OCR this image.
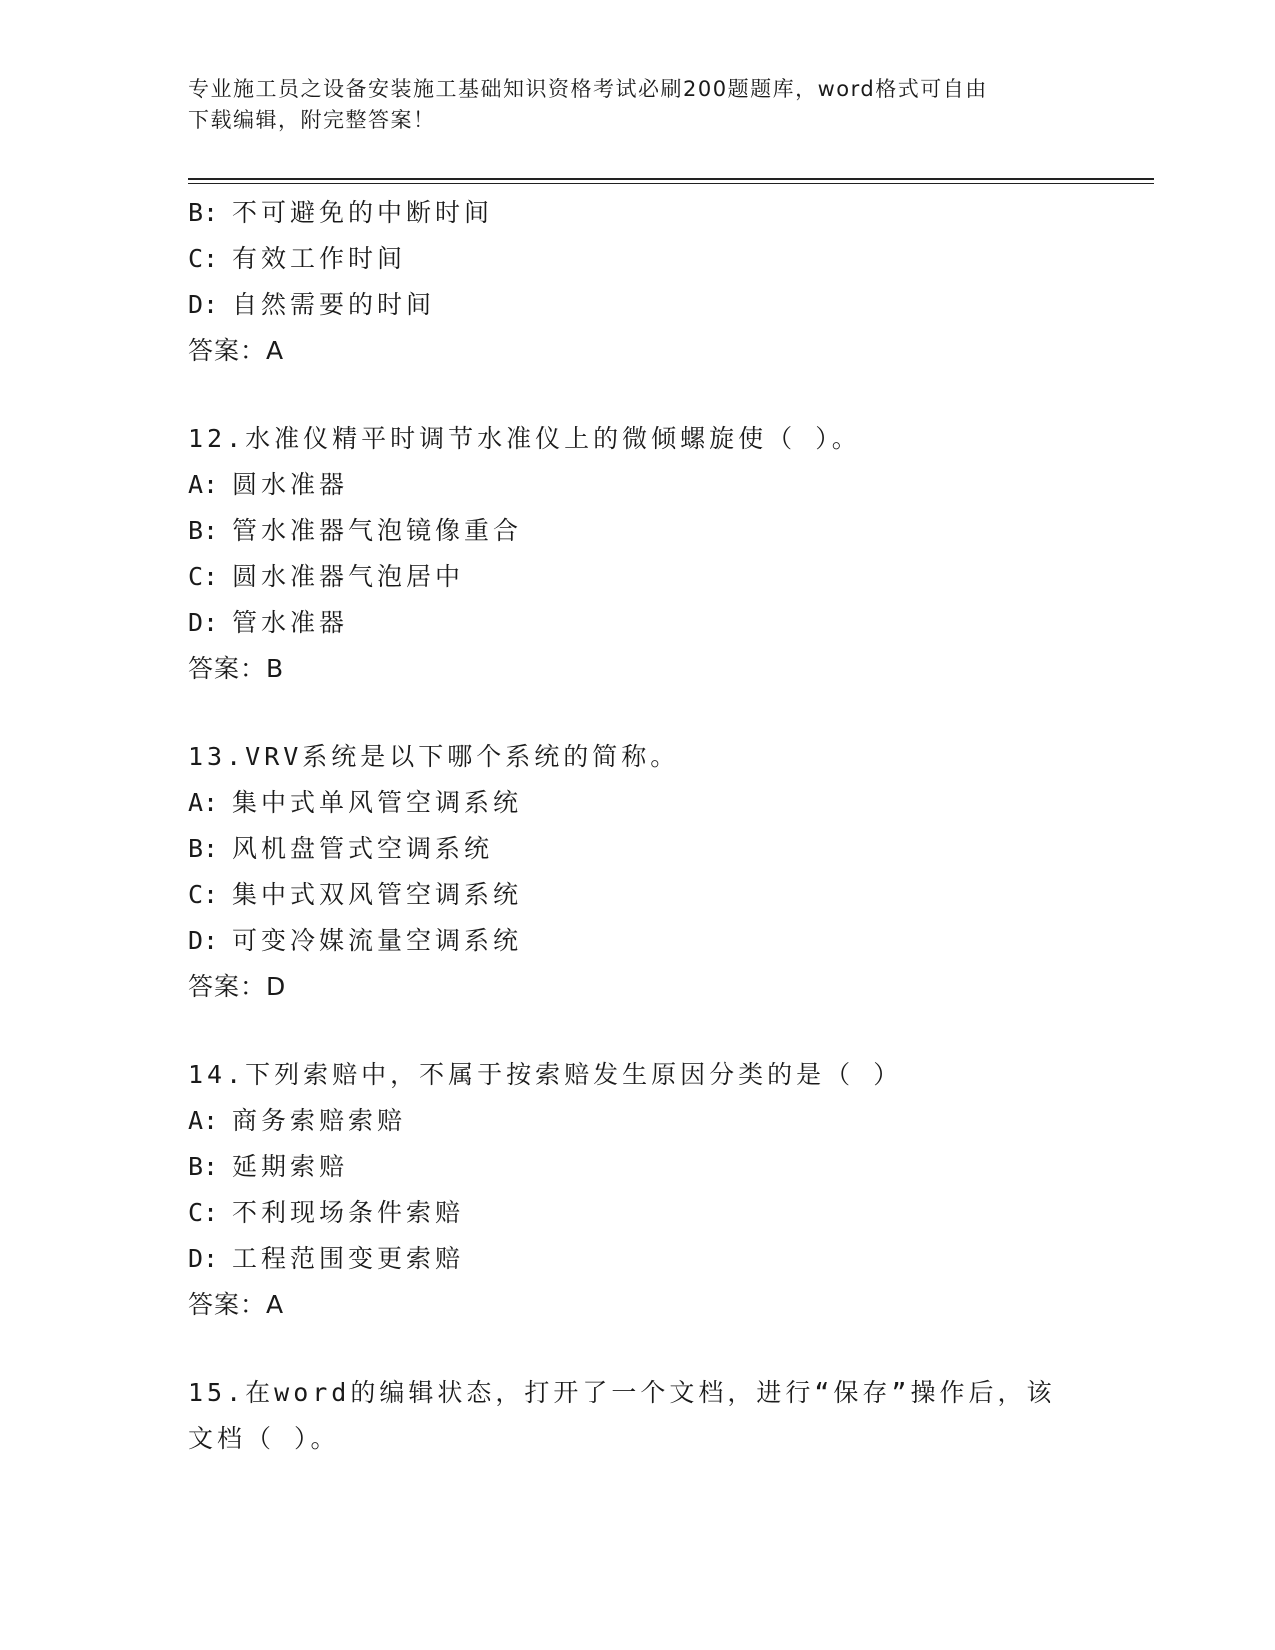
专业施工员之设备安装施工基础知识资格考试必刷200题题库，word格式可自由
下载编辑，附完整答案！
B: 不可避免的中断时间
C: 有效工作时间
D: 自然需要的时间
答案：A
12.水准仪精平时调节水准仪上的微倾螺旋使（ ）。
A: 圆水准器
B: 管水准器气泡镜像重合
C: 圆水准器气泡居中
D: 管水准器
答案：B
13.VRV系统是以下哪个系统的简称。
A: 集中式单风管空调系统
B: 风机盘管式空调系统
C: 集中式双风管空调系统
D: 可变冷媒流量空调系统
答案：D
14.下列索赔中，不属于按索赔发生原因分类的是（ ）
A: 商务索赔索赔
B: 延期索赔
C: 不利现场条件索赔
D: 工程范围变更索赔
答案：A
15.在word的编辑状态，打开了一个文档，进行“保存”操作后，该
文档（ ）。
